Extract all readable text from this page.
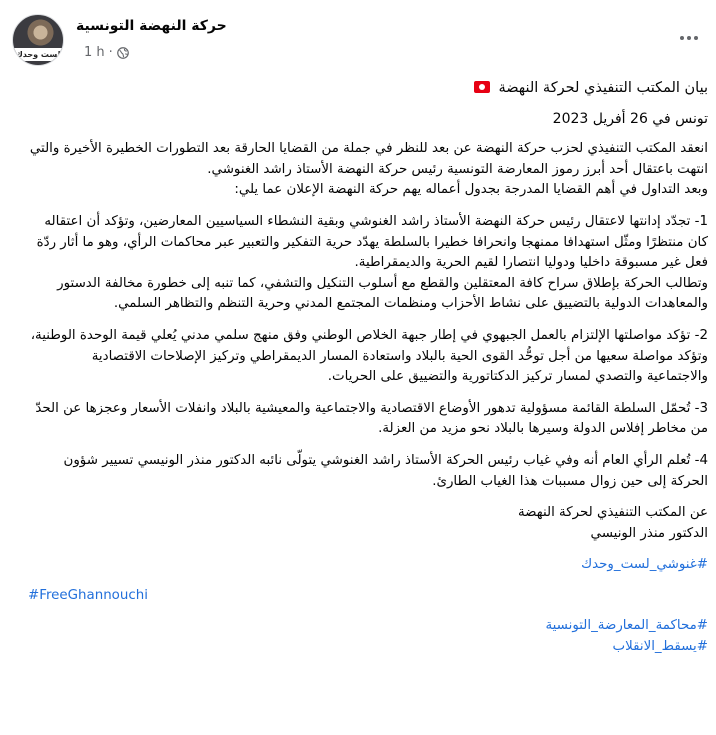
لست وحدك
حركة النهضة التونسية
1 h ·

بيان المكتب التنفيذي لحركة النهضة

تونس في 26 أفريل 2023

انعقد المكتب التنفيذي لحزب حركة النهضة عن بعد للنظر في جملة من القضايا الحارقة بعد التطورات الخطيرة الأخيرة والتي انتهت باعتقال أحد أبرز رموز المعارضة التونسية رئيس حركة النهضة الأستاذ راشد الغنوشي.

وبعد التداول في أهم القضايا المدرجة بجدول أعماله يهم حركة النهضة الإعلان عما يلي:

1- تجدّد إدانتها لاعتقال رئيس حركة النهضة الأستاذ راشد الغنوشي وبقية النشطاء السياسيين المعارضين، وتؤكد أن اعتقاله كان منتظرًا ومثّل استهدافا ممنهجا وانحرافا خطيرا بالسلطة يهدّد حرية التفكير والتعبير عبر محاكمات الرأي، وهو ما أثار ردّة فعل غير مسبوقة داخليا ودوليا انتصارا لقيم الحرية والديمقراطية.

وتطالب الحركة بإطلاق سراح كافة المعتقلين والقطع مع أسلوب التنكيل والتشفي، كما تنبه إلى خطورة مخالفة الدستور والمعاهدات الدولية بالتضييق على نشاط الأحزاب ومنظمات المجتمع المدني وحرية التنظم والتظاهر السلمي.

2- تؤكد مواصلتها الإلتزام بالعمل الجبهوي في إطار جبهة الخلاص الوطني وفق منهج سلمي مدني يُعلي قيمة الوحدة الوطنية، وتؤكد مواصلة سعيها من أجل توحُّد القوى الحية بالبلاد واستعادة المسار الديمقراطي وتركيز الإصلاحات الاقتصادية والاجتماعية والتصدي لمسار تركيز الدكتاتورية والتضييق على الحريات.

3- تُحمّل السلطة القائمة مسؤولية تدهور الأوضاع الاقتصادية والاجتماعية والمعيشية بالبلاد وانفلات الأسعار وعجزها عن الحدّ من مخاطر إفلاس الدولة وسيرها بالبلاد نحو مزيد من العزلة.

4- تُعلم الرأي العام أنه وفي غياب رئيس الحركة الأستاذ راشد الغنوشي يتولّى نائبه الدكتور منذر الونيسي تسيير شؤون الحركة إلى حين زوال مسببات هذا الغياب الطارئ.

عن المكتب التنفيذي لحركة النهضة

الدكتور منذر الونيسي

#غنوشي_لست_وحدك

#FreeGhannouchi

#محاكمة_المعارضة_التونسية

#يسقط_الانقلاب
